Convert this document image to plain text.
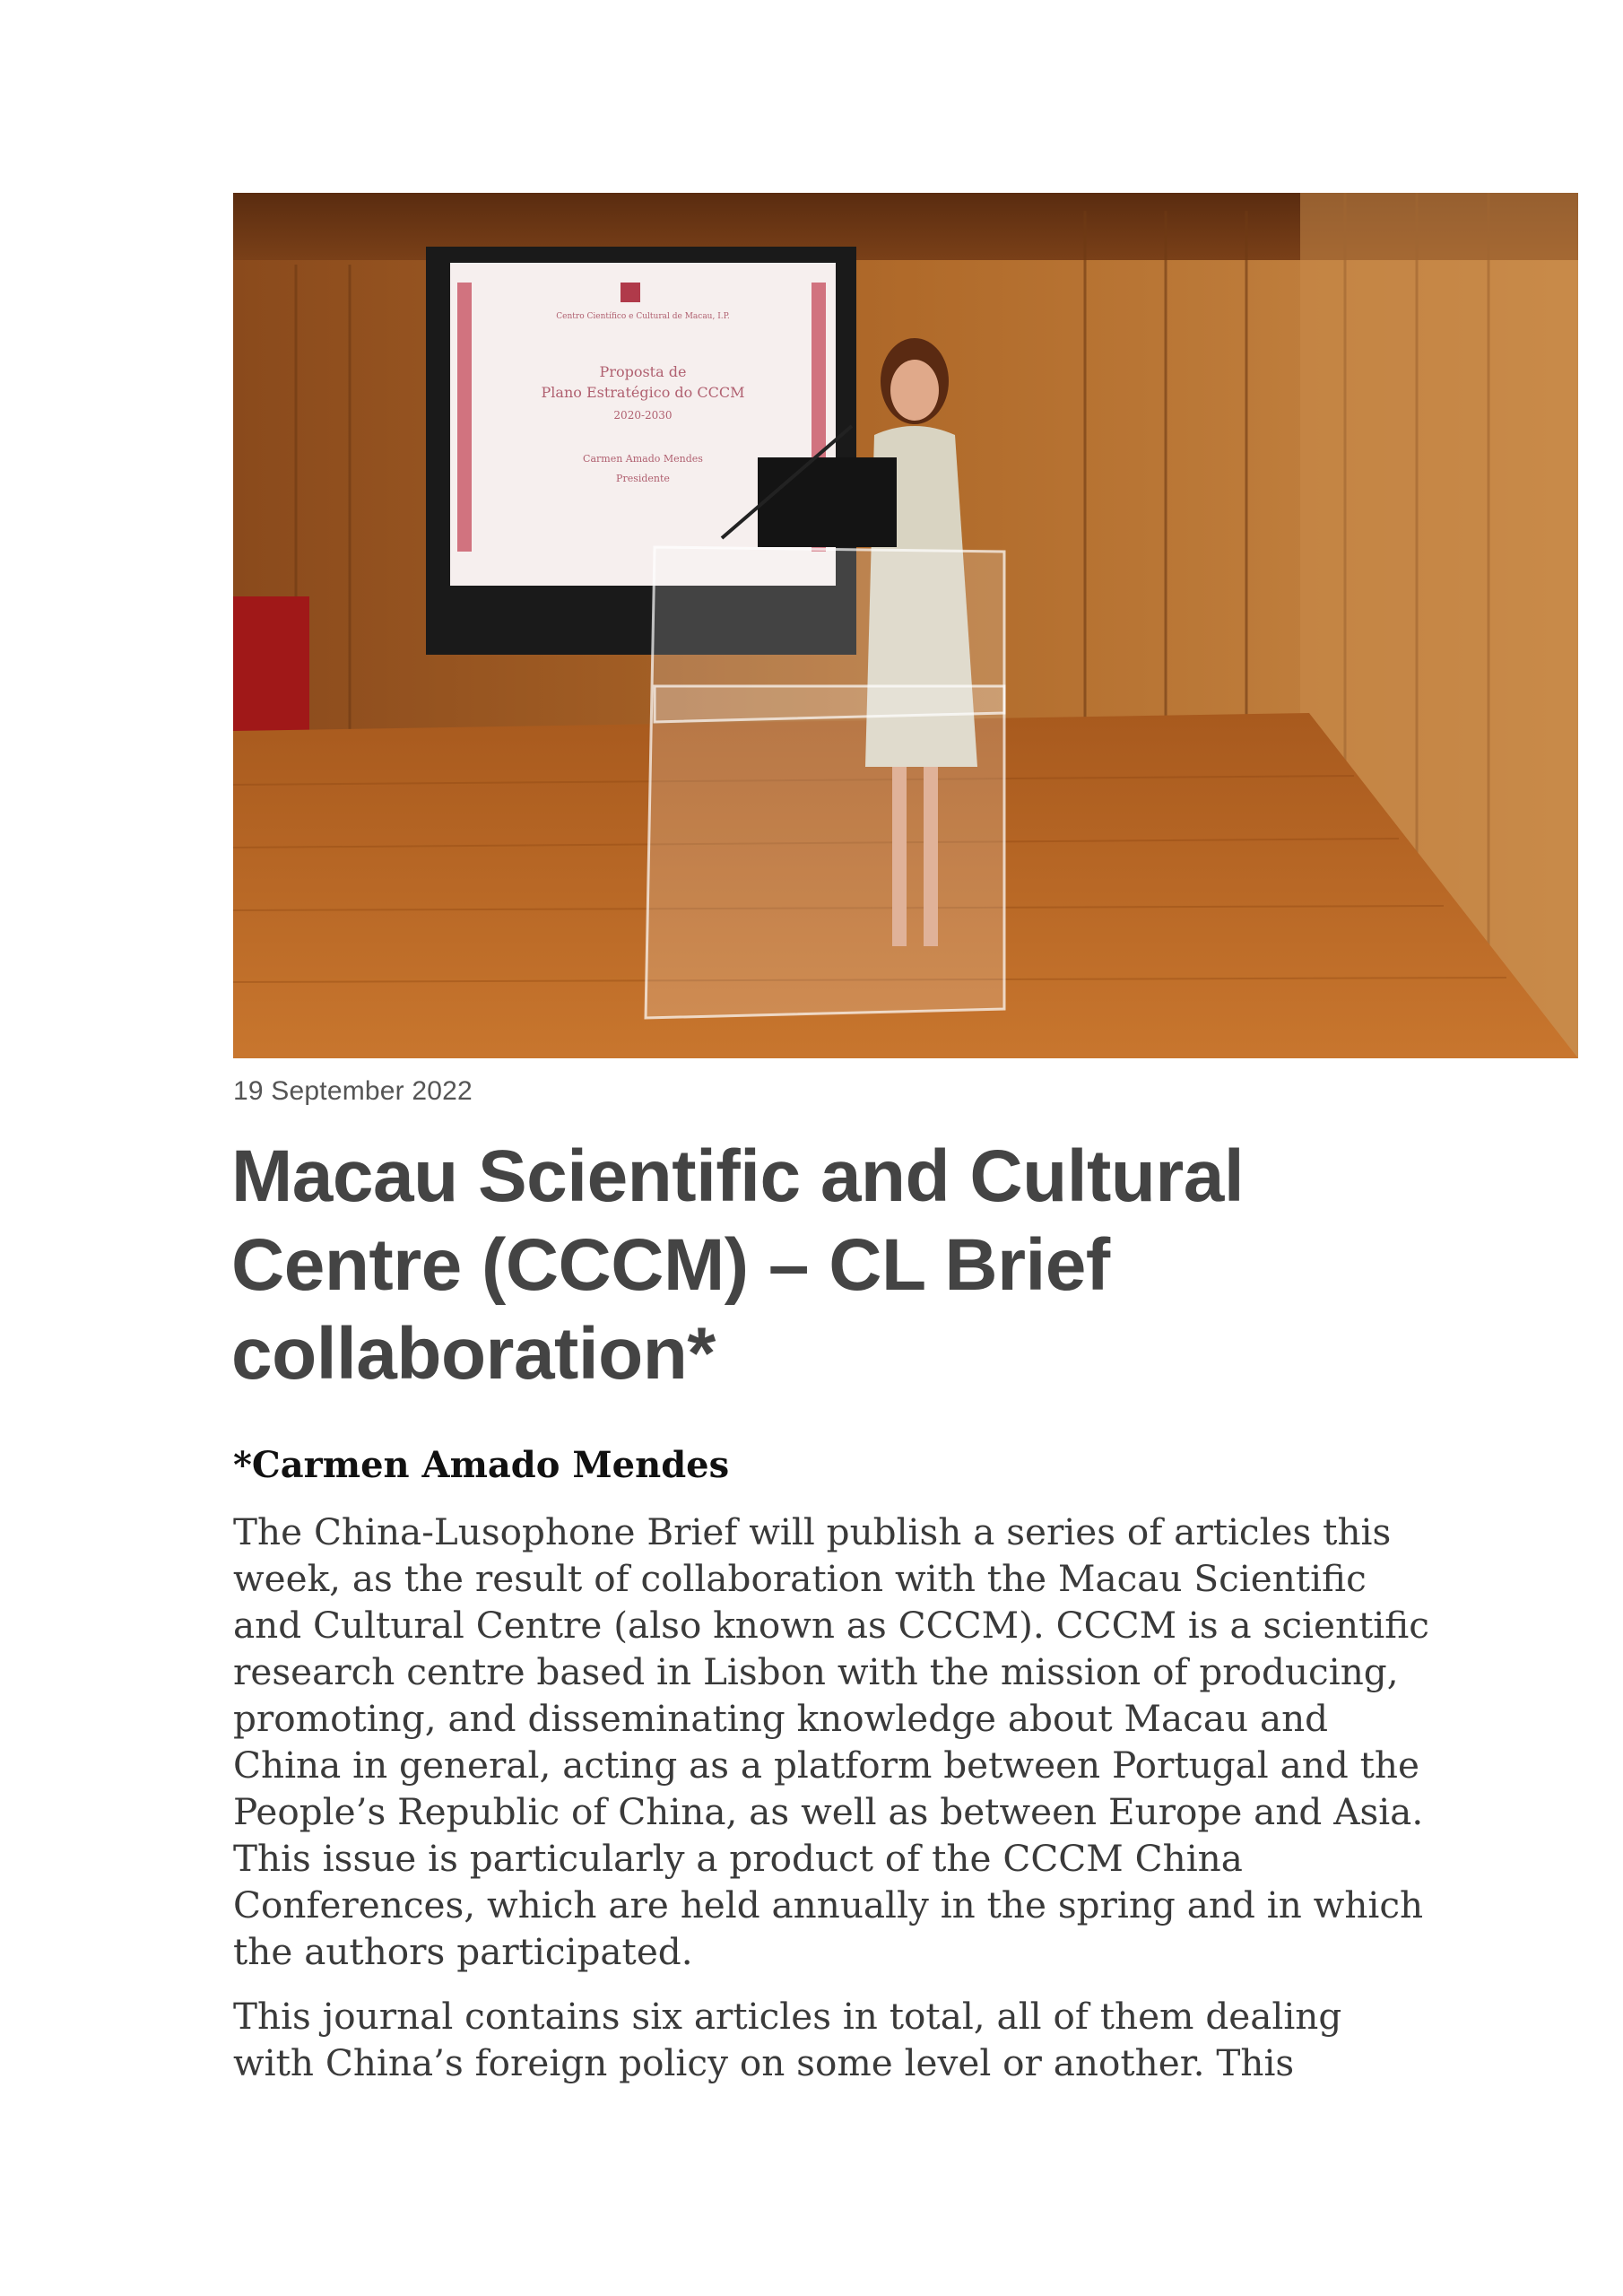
Centro Científico e Cultural de Macau, I.P.
Proposta de
Plano Estratégico do CCCM
2020-2030
Carmen Amado Mendes
Presidente
19 September 2022
Macau Scientific and Cultural
Centre (CCCM) – CL Brief
collaboration*
*Carmen Amado Mendes

The China-Lusophone Brief will publish a series of articles this
week, as the result of collaboration with the Macau Scientific
and Cultural Centre (also known as CCCM). CCCM is a scientific
research centre based in Lisbon with the mission of producing,
promoting, and disseminating knowledge about Macau and
China in general, acting as a platform between Portugal and the
People’s Republic of China, as well as between Europe and Asia.
This issue is particularly a product of the CCCM China
Conferences, which are held annually in the spring and in which
the authors participated.

This journal contains six articles in total, all of them dealing
with China’s foreign policy on some level or another. This
